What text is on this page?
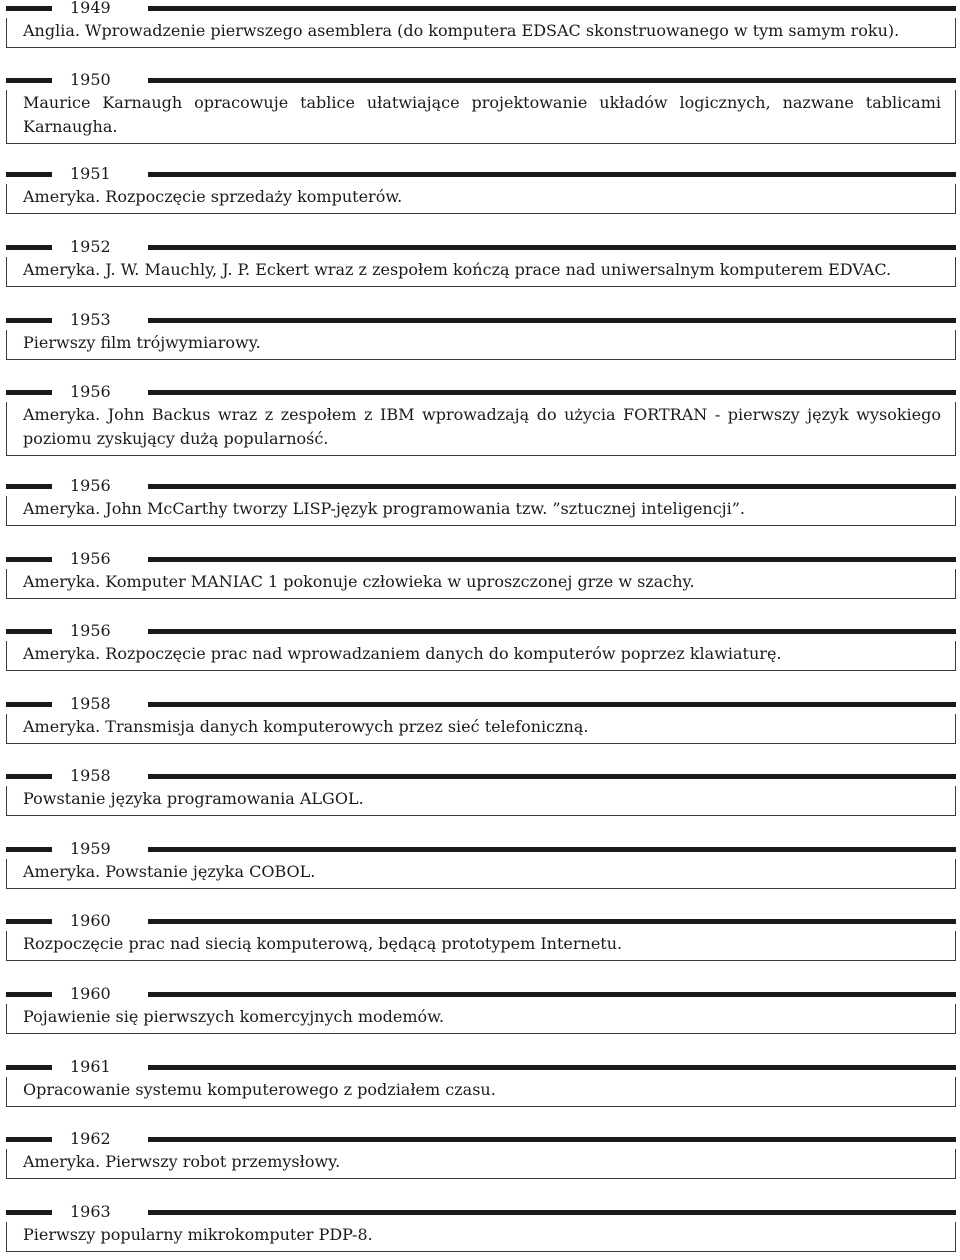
1949
Anglia. Wprowadzenie pierwszego asemblera (do komputera EDSAC skonstruowanego w tym samym roku).
1950
Maurice Karnaugh opracowuje tablice ułatwiające projektowanie układów logicznych, nazwane tablicami Karnaugha.
1951
Ameryka. Rozpoczęcie sprzedaży komputerów.
1952
Ameryka. J. W. Mauchly, J. P. Eckert wraz z zespołem kończą prace nad uniwersalnym komputerem EDVAC.
1953
Pierwszy film trójwymiarowy.
1956
Ameryka. John Backus wraz z zespołem z IBM wprowadzają do użycia FORTRAN - pierwszy język wysokiego poziomu zyskujący dużą popularność.
1956
Ameryka. John McCarthy tworzy LISP-język programowania tzw. ”sztucznej inteligencji”.
1956
Ameryka. Komputer MANIAC 1 pokonuje człowieka w uproszczonej grze w szachy.
1956
Ameryka. Rozpoczęcie prac nad wprowadzaniem danych do komputerów poprzez klawiaturę.
1958
Ameryka. Transmisja danych komputerowych przez sieć telefoniczną.
1958
Powstanie języka programowania ALGOL.
1959
Ameryka. Powstanie języka COBOL.
1960
Rozpoczęcie prac nad siecią komputerową, będącą prototypem Internetu.
1960
Pojawienie się pierwszych komercyjnych modemów.
1961
Opracowanie systemu komputerowego z podziałem czasu.
1962
Ameryka. Pierwszy robot przemysłowy.
1963
Pierwszy popularny mikrokomputer PDP-8.
